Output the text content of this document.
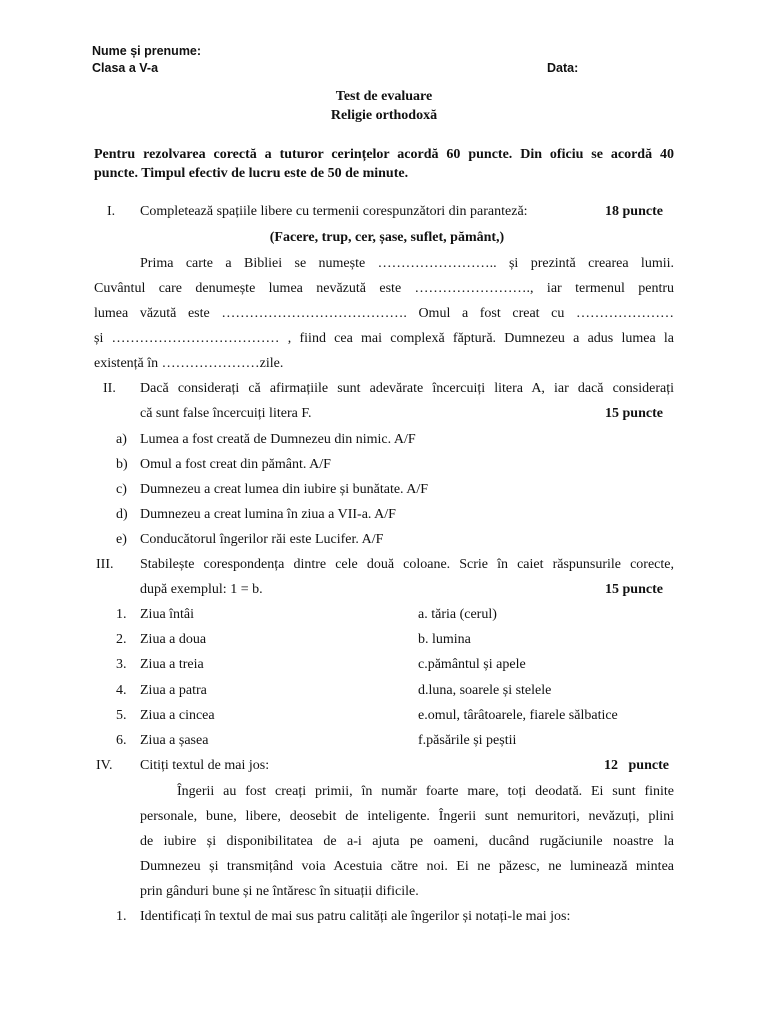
Nume și prenume:
Clasa a V-a	Data:
Test de evaluare
Religie orthodoxă
Pentru rezolvarea corectă a tuturor cerințelor acordă 60 puncte. Din oficiu se acordă 40
puncte. Timpul efectiv de lucru este de 50 de minute.
I. Completează spațiile libere cu termenii corespunzători din paranteză:	18 puncte
(Facere, trup, cer, șase, suflet, pământ,)
Prima carte a Bibliei se numește …………………….. și prezintă crearea lumii.
Cuvântul care denumește lumea nevăzută este ……………………., iar termenul pentru
lumea văzută este …………………………………. Omul a fost creat cu …………………
și ……………………………… , fiind cea mai complexă făptură. Dumnezeu a adus lumea la
existență în …………………zile.
II. Dacă considerați că afirmațiile sunt adevărate încercuiți litera A, iar dacă considerați
că sunt false încercuiți litera F.	15 puncte
a) Lumea a fost creată de Dumnezeu din nimic. A/F
b) Omul a fost creat din pământ. A/F
c) Dumnezeu a creat lumea din iubire și bunătate. A/F
d) Dumnezeu a creat lumina în ziua a VII-a. A/F
e) Conducătorul îngerilor răi este Lucifer. A/F
III. Stabilește corespondența dintre cele două coloane. Scrie în caiet răspunsurile corecte,
după exemplul: 1 = b.	15 puncte
1. Ziua întâi	a. tăria (cerul)
2. Ziua a doua	b. lumina
3. Ziua a treia	c.pământul și apele
4. Ziua a patra	d.luna, soarele și stelele
5. Ziua a cincea	e.omul, târâtoarele, fiarele sălbatice
6. Ziua a șasea	f.păsările și peștii
IV. Citiți textul de mai jos:	12   puncte
Îngerii au fost creați primii, în număr foarte mare, toți deodată. Ei sunt finite
personale, bune, libere, deosebit de inteligente. Îngerii sunt nemuritori, nevăzuți, plini
de iubire și disponibilitatea de a-i ajuta pe oameni, ducând rugăciunile noastre la
Dumnezeu și transmițând voia Acestuia către noi. Ei ne păzesc, ne luminează mintea
prin gânduri bune și ne întăresc în situații dificile.
1. Identificați în textul de mai sus patru calități ale îngerilor și notați-le mai jos:
